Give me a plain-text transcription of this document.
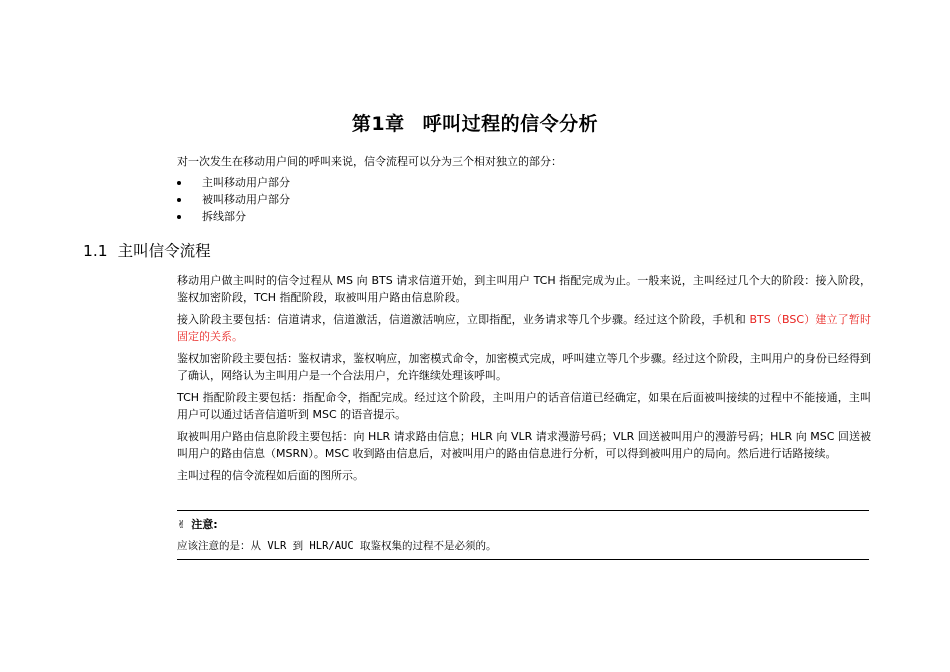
第1章 呼叫过程的信令分析
对一次发生在移动用户间的呼叫来说，信令流程可以分为三个相对独立的部分：
主叫移动用户部分
被叫移动用户部分
拆线部分
1.1 主叫信令流程

移动用户做主叫时的信令过程从 MS 向 BTS 请求信道开始，到主叫用户 TCH 指配完成为止。一般来说，主叫经过几个大的阶段：接入阶段，鉴权加密阶段，TCH 指配阶段，取被叫用户路由信息阶段。

接入阶段主要包括：信道请求，信道激活，信道激活响应，立即指配，业务请求等几个步骤。经过这个阶段，手机和 BTS（BSC）建立了暂时固定的关系。

鉴权加密阶段主要包括：鉴权请求，鉴权响应，加密模式命令，加密模式完成，呼叫建立等几个步骤。经过这个阶段，主叫用户的身份已经得到了确认，网络认为主叫用户是一个合法用户，允许继续处理该呼叫。

TCH 指配阶段主要包括：指配命令，指配完成。经过这个阶段，主叫用户的话音信道已经确定，如果在后面被叫接续的过程中不能接通，主叫用户可以通过话音信道听到 MSC 的语音提示。

取被叫用户路由信息阶段主要包括：向 HLR 请求路由信息；HLR 向 VLR 请求漫游号码；VLR 回送被叫用户的漫游号码；HLR 向 MSC 回送被叫用户的路由信息（MSRN）。MSC 收到路由信息后，对被叫用户的路由信息进行分析，可以得到被叫用户的局向。然后进行话路接续。

主叫过程的信令流程如后面的图所示。

✌ 注意:
应该注意的是：从 VLR 到 HLR/AUC 取鉴权集的过程不是必须的。
